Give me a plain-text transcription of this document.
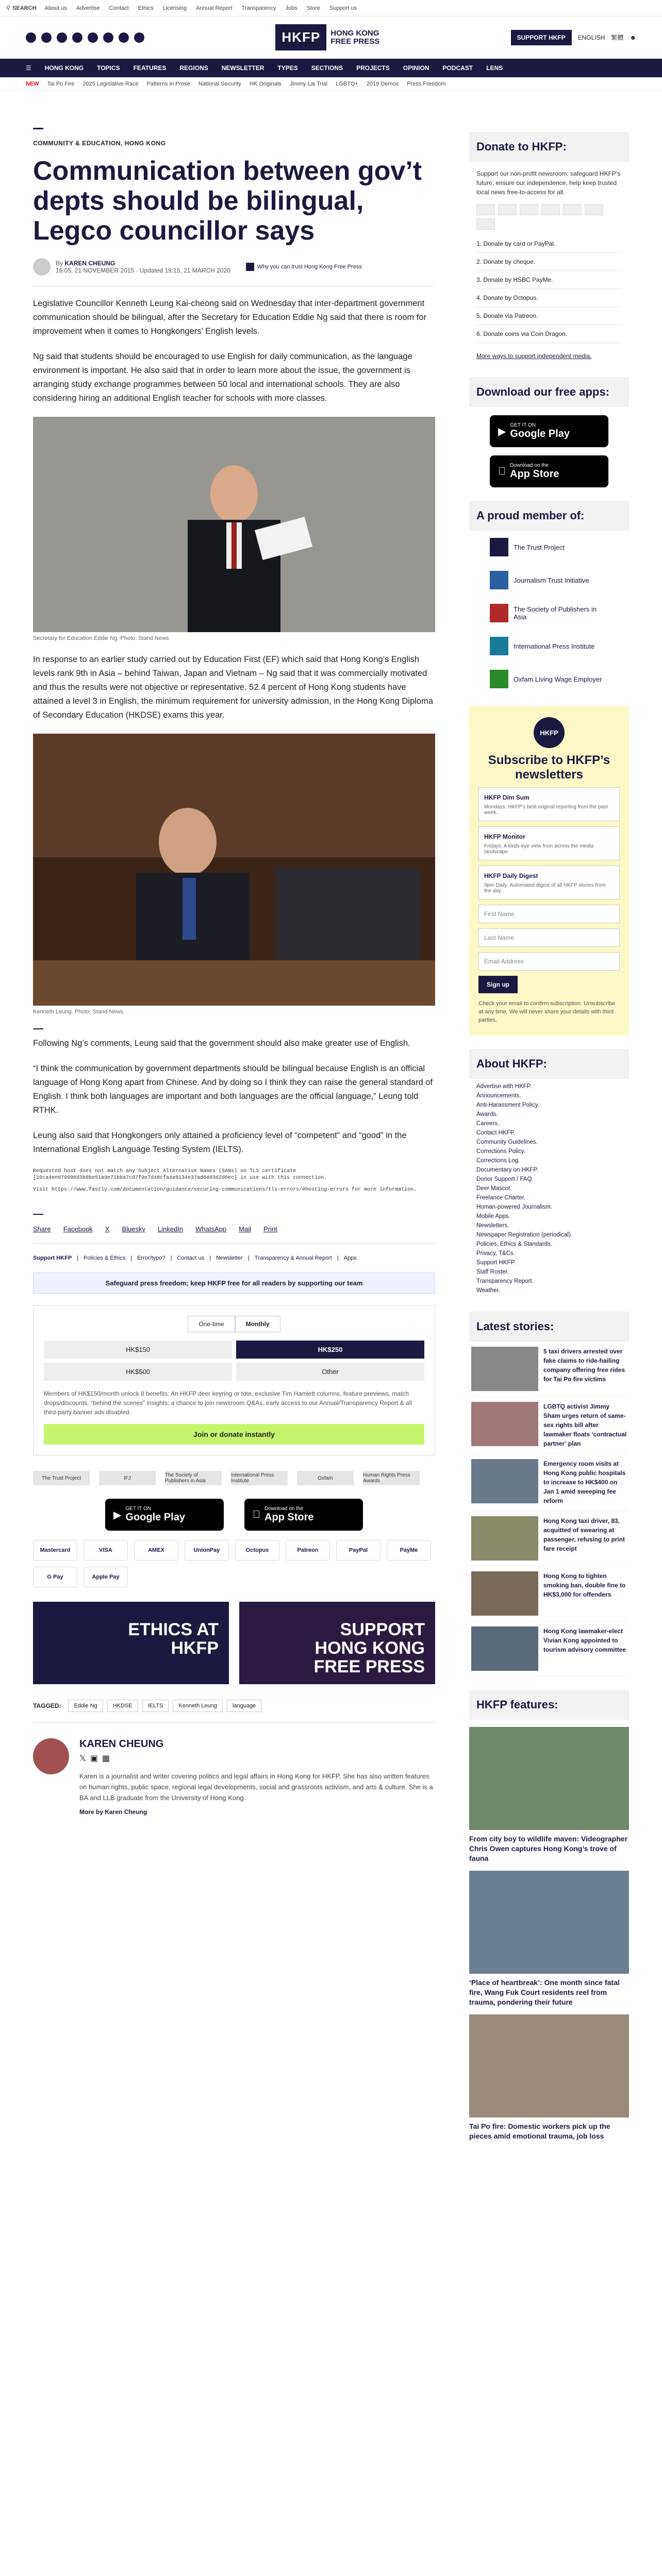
⚲ SEARCH About us Advertise Contact Ethics Licensing Annual Report Transparency Jobs Store Support us
HKFP	HONG KONG
FREE PRESS	SUPPORT HKFP	ENGLISH 繁體 ☻
☰ HONG KONG TOPICS FEATURES REGIONS NEWSLETTER TYPES SECTIONS PROJECTS OPINION PODCAST LENS
NEW Tai Po Fire 2025 Legislative Race Patterns in Prose National Security HK Originals Jimmy Lai Trial LGBTQ+ 2019 Demos Press Freedom
COMMUNITY & EDUCATION, HONG KONG
Communication between gov’t depts should be bilingual, Legco councillor says
By KAREN CHEUNG
16:05, 21 NOVEMBER 2015 · Updated 19:15, 21 MARCH 2020	Why you can trust Hong Kong Free Press

Legislative Councillor Kenneth Leung Kai-cheong said on Wednesday that inter-department government communication should be bilingual, after the Secretary for Education Eddie Ng said that there is room for improvement when it comes to Hongkongers’ English levels.

Ng said that students should be encouraged to use English for daily communication, as the language environment is important. He also said that in order to learn more about the issue, the government is arranging study exchange programmes between 50 local and international schools. They are also considering hiring an additional English teacher for schools with more classes.

Secretary for Education Eddie Ng. Photo: Stand News.

In response to an earlier study carried out by Education First (EF) which said that Hong Kong’s English levels rank 9th in Asia – behind Taiwan, Japan and Vietnam – Ng said that it was commercially motivated and thus the results were not objective or representative. 52.4 percent of Hong Kong students have attained a level 3 in English, the minimum requirement for university admission, in the Hong Kong Diploma of Secondary Education (HKDSE) exams this year.

Kenneth Leung. Photo: Stand News.

Following Ng’s comments, Leung said that the government should also make greater use of English.

“I think the communication by government departments should be bilingual because English is an official language of Hong Kong apart from Chinese. And by doing so I think they can raise the general standard of English. I think both languages are important and both languages are the official language,” Leung told RTHK.

Leung also said that Hongkongers only attained a proficiency level of “competent” and “good” in the International English Language Testing System (IELTS).

Requested host does not match any Subject Alternative Names (SANs) on TLS certificate [10ca4ee079996d3b0be51a9e71bba7cd7f9e7d48cfa4a9134e37ad6493d2d0ec] in use with this connection.

Visit https://www.fastly.com/documentation/guidance/securing-communications/tls-errors/#hosting-errors for more information.

Share Facebook X Bluesky LinkedIn WhatsApp Mail Print
Support HKFP | Policies & Ethics | Error/typo? | Contact us | Newsletter | Transparency & Annual Report | Apps
Safeguard press freedom; keep HKFP free for all readers by supporting our team
One-time	Monthly
HK$150	HK$250
HK$500	Other

Members of HK$150/month unlock 8 benefits: An HKFP deer keyring or tote, exclusive Tim Hamlett columns, feature previews, match drops/discounts, “behind the scenes” insights; a chance to join newsroom Q&As, early access to our Annual/Transparency Report & all third-party banner ads disabled.

Join or donate instantly
The Trust Project	IFJ	The Society of Publishers in Asia
International Press Institute	Oxfam	Human Rights Press Awards
▶
GET IT ON
Google Play
Download on the
App Store
Mastercard	VISA	AMEX	UnionPay	Octopus	Patreon	PayPal	PayMe
G Pay	Apple Pay
ETHICS AT HKFP
SUPPORT HONG KONG FREE PRESS
TAGGED:	Eddie Ng	HKDSE	IELTS	Kenneth Leung	language
KAREN CHEUNG
𝕏 ▣ ▦

Karen is a journalist and writer covering politics and legal affairs in Hong Kong for HKFP. She has also written features on human rights, public space, regional legal developments, social and grassroots activism, and arts & culture. She is a BA and LLB graduate from the University of Hong Kong.

More by Karen Cheung
Donate to HKFP:

Support our non-profit newsroom: safeguard HKFP’s future, ensure our independence, help keep trusted local news free-to-access for all.

1. Donate by card or PayPal.
2. Donate by cheque.
3. Donate by HSBC PayMe.
4. Donate by Octopus.
5. Donate via Patreon.
6. Donate coins via Coin Dragon.
More ways to support independent media.
Download our free apps:
▶
GET IT ON
Google Play
Download on the
App Store
A proud member of:
The Trust Project
Journalism Trust Initiative
The Society of Publishers in Asia
International Press Institute
Oxfam Living Wage Employer
HKFP
Subscribe to HKFP’s newsletters
HKFP Dim Sum

Mondays: HKFP’s best original reporting from the past week.

HKFP Monitor

Fridays: A birds-eye view from across the media landscape.

HKFP Daily Digest

9pm Daily: Automated digest of all HKFP stories from the day.

First Name
Last Name
Email Address
Sign up

Check your email to confirm subscription. Unsubscribe at any time. We will never share your details with third parties.

About HKFP:
Advertise with HKFP.
Announcements.
Anti-Harassment Policy.
Awards.
Careers.
Contact HKFP.
Community Guidelines.
Corrections Policy.
Corrections Log.
Documentary on HKFP.
Donor Support / FAQ.
Deer Mascot.
Freelance Charter.
Human-powered Journalism.
Mobile Apps.
Newsletters.
Newspaper Registration (periodical).
Policies, Ethics & Standards.
Privacy, T&Cs.
Support HKFP.
Staff Roster.
Transparency Report.
Weather.
Latest stories:
5 taxi drivers arrested over fake claims to ride-hailing company offering free rides for Tai Po fire victims
LGBTQ activist Jimmy Sham urges return of same-sex rights bill after lawmaker floats ‘contractual partner’ plan
Emergency room visits at Hong Kong public hospitals to increase to HK$400 on Jan 1 amid sweeping fee reform
Hong Kong taxi driver, 83, acquitted of swearing at passenger, refusing to print fare receipt
Hong Kong to tighten smoking ban, double fine to HK$3,000 for offenders
Hong Kong lawmaker-elect Vivian Kong appointed to tourism advisory committee
HKFP features:
From city boy to wildlife maven: Videographer Chris Owen captures Hong Kong’s trove of fauna
‘Place of heartbreak’: One month since fatal fire, Wang Fuk Court residents reel from trauma, pondering their future
Tai Po fire: Domestic workers pick up the pieces amid emotional trauma, job loss
